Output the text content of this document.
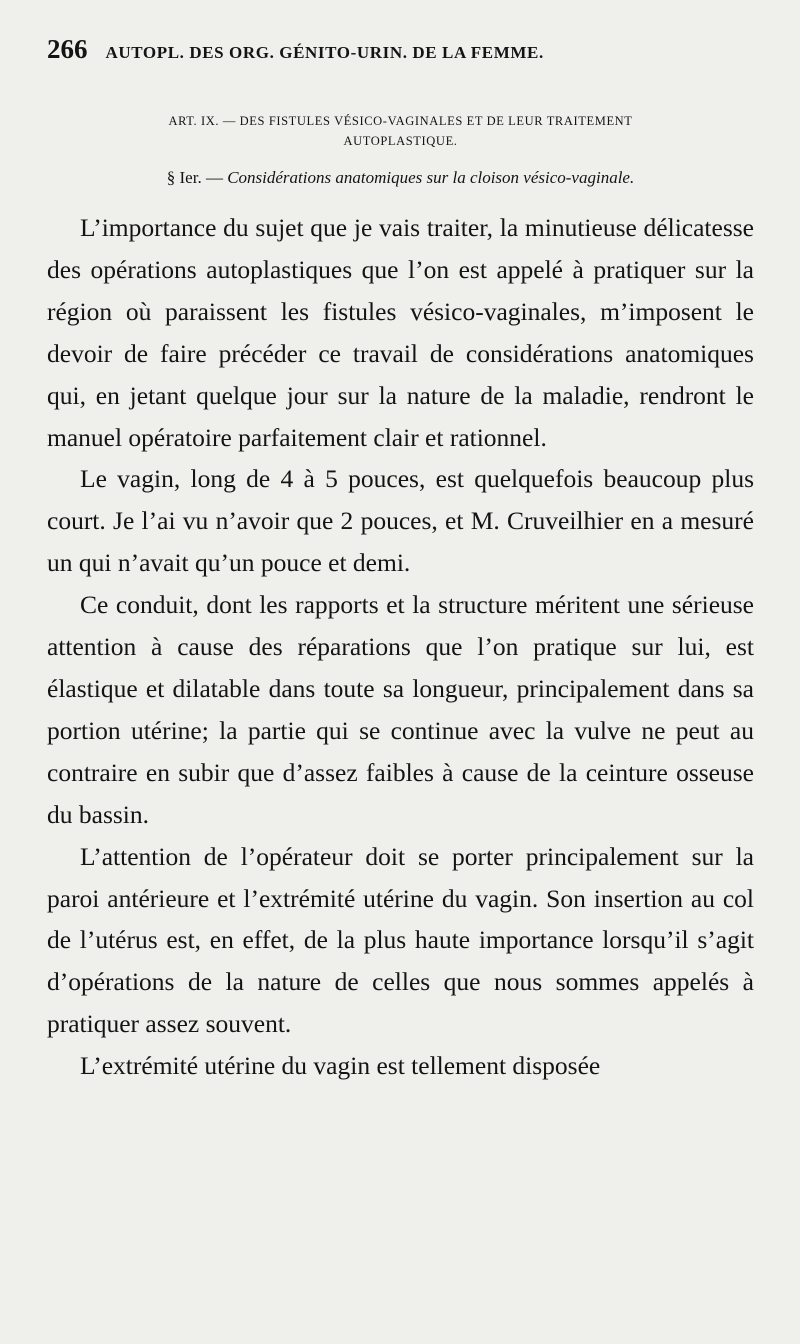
266 AUTOPL. DES ORG. GÉNITO-URIN. DE LA FEMME.
ART. IX. — DES FISTULES VÉSICO-VAGINALES ET DE LEUR TRAITEMENT
AUTOPLASTIQUE.
§ Ier. — Considérations anatomiques sur la cloison vésico-vaginale.

L’importance du sujet que je vais traiter, la minutieuse délicatesse des opérations autoplastiques que l’on est appelé à pratiquer sur la région où paraissent les fistules vésico-vaginales, m’imposent le devoir de faire précéder ce travail de considérations anatomiques qui, en jetant quelque jour sur la nature de la maladie, rendront le manuel opératoire parfaitement clair et rationnel.

Le vagin, long de 4 à 5 pouces, est quelquefois beaucoup plus court. Je l’ai vu n’avoir que 2 pouces, et M. Cruveilhier en a mesuré un qui n’avait qu’un pouce et demi.

Ce conduit, dont les rapports et la structure méritent une sérieuse attention à cause des réparations que l’on pratique sur lui, est élastique et dilatable dans toute sa longueur, principalement dans sa portion utérine; la partie qui se continue avec la vulve ne peut au contraire en subir que d’assez faibles à cause de la ceinture osseuse du bassin.

L’attention de l’opérateur doit se porter principalement sur la paroi antérieure et l’extrémité utérine du vagin. Son insertion au col de l’utérus est, en effet, de la plus haute importance lorsqu’il s’agit d’opérations de la nature de celles que nous sommes appelés à pratiquer assez souvent.

L’extrémité utérine du vagin est tellement disposée
